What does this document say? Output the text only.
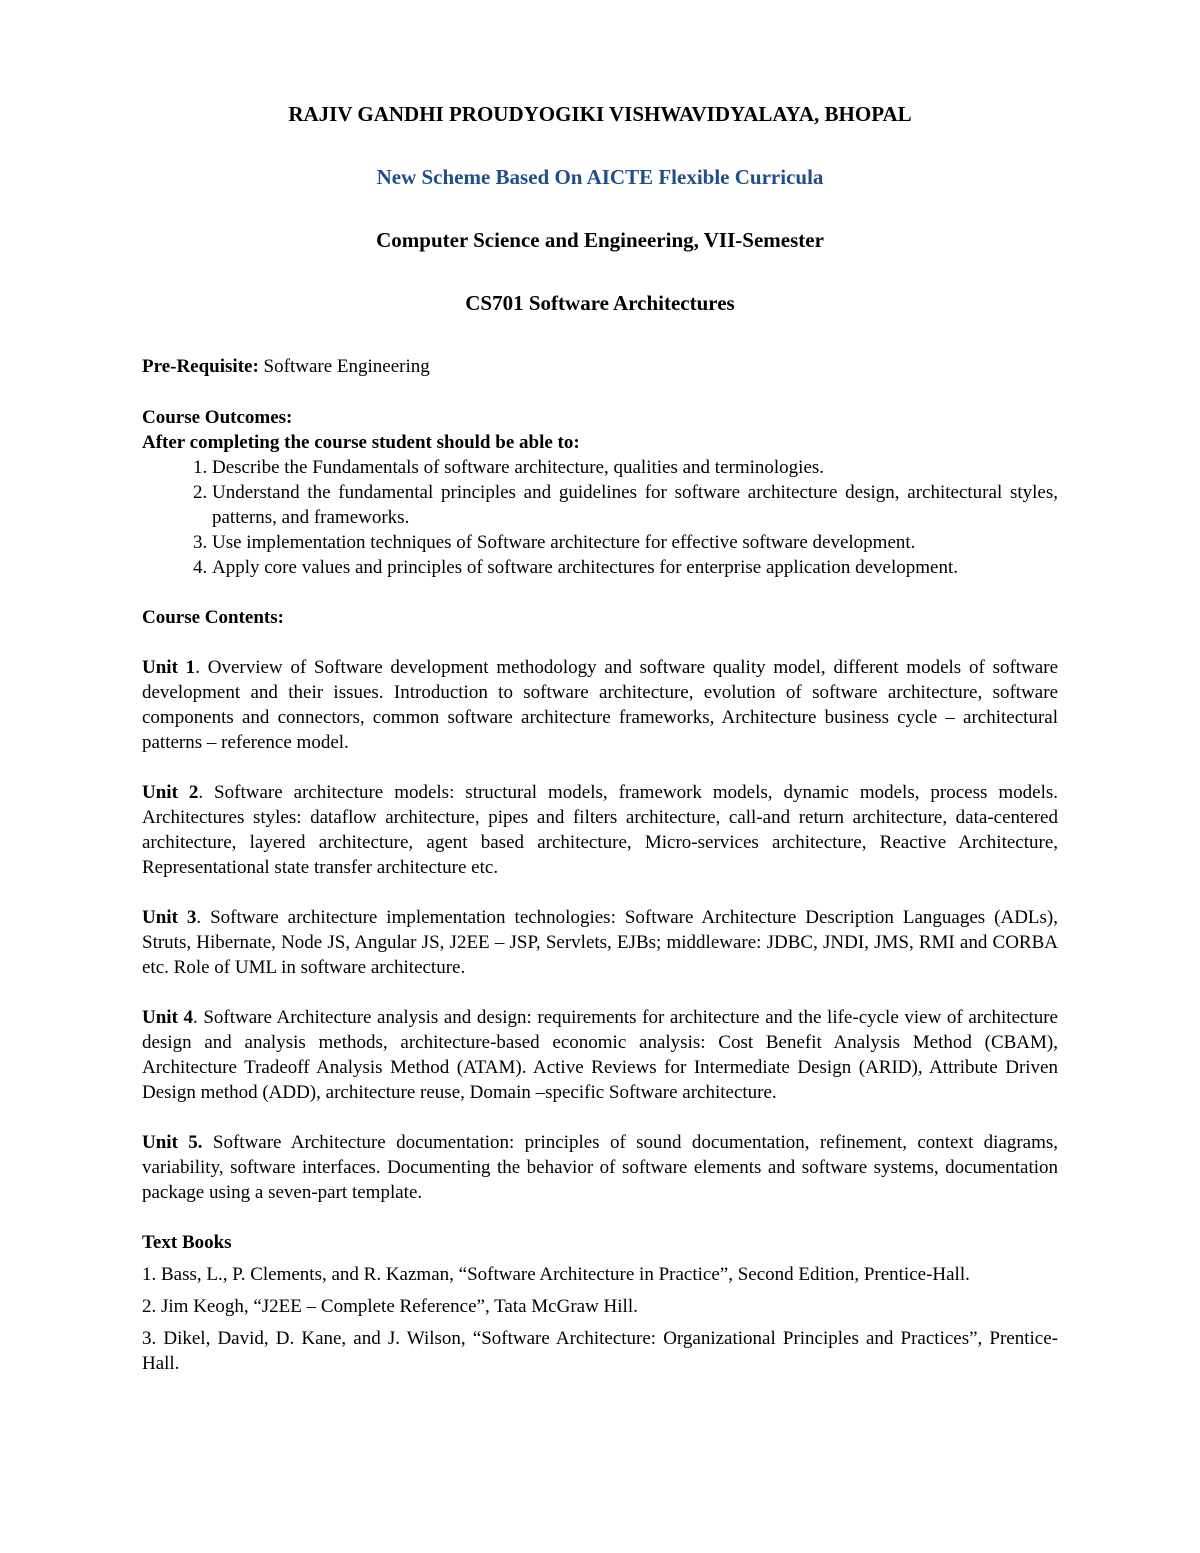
RAJIV GANDHI PROUDYOGIKI VISHWAVIDYALAYA, BHOPAL
New Scheme Based On AICTE Flexible Curricula
Computer Science and Engineering, VII-Semester
CS701 Software Architectures
Pre-Requisite: Software Engineering
Course Outcomes:
After completing the course student should be able to:
1. Describe the Fundamentals of software architecture, qualities and terminologies.
2. Understand the fundamental principles and guidelines for software architecture design, architectural styles, patterns, and frameworks.
3. Use implementation techniques of Software architecture for effective software development.
4. Apply core values and principles of software architectures for enterprise application development.
Course Contents:
Unit 1. Overview of Software development methodology and software quality model, different models of software development and their issues. Introduction to software architecture, evolution of software architecture, software components and connectors, common software architecture frameworks, Architecture business cycle – architectural patterns – reference model.
Unit 2. Software architecture models: structural models, framework models, dynamic models, process models. Architectures styles: dataflow architecture, pipes and filters architecture, call-and return architecture, data-centered architecture, layered architecture, agent based architecture, Micro-services architecture, Reactive Architecture, Representational state transfer architecture etc.
Unit 3. Software architecture implementation technologies: Software Architecture Description Languages (ADLs), Struts, Hibernate, Node JS, Angular JS, J2EE – JSP, Servlets, EJBs; middleware: JDBC, JNDI, JMS, RMI and CORBA etc. Role of UML in software architecture.
Unit 4. Software Architecture analysis and design: requirements for architecture and the life-cycle view of architecture design and analysis methods, architecture-based economic analysis: Cost Benefit Analysis Method (CBAM), Architecture Tradeoff Analysis Method (ATAM). Active Reviews for Intermediate Design (ARID), Attribute Driven Design method (ADD), architecture reuse, Domain –specific Software architecture.
Unit 5. Software Architecture documentation: principles of sound documentation, refinement, context diagrams, variability, software interfaces. Documenting the behavior of software elements and software systems, documentation package using a seven-part template.
Text Books
1. Bass, L., P. Clements, and R. Kazman, “Software Architecture in Practice”, Second Edition, Prentice-Hall.
2. Jim Keogh, “J2EE – Complete Reference”, Tata McGraw Hill.
3. Dikel, David, D. Kane, and J. Wilson, “Software Architecture: Organizational Principles and Practices”, Prentice-Hall.
